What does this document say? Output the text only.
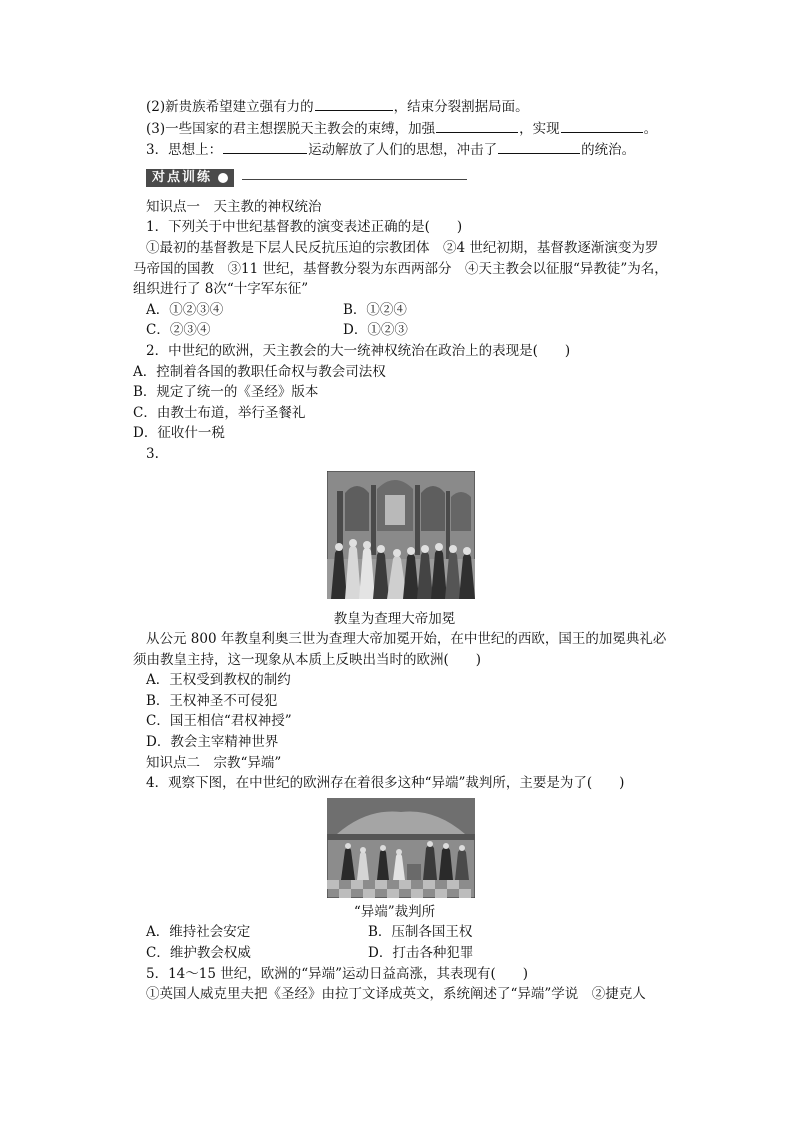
(2)新贵族希望建立强有力的	，结束分裂割据局面。
(3)一些国家的君主想摆脱天主教会的束缚，加强	，实现	。
3．思想上：	运动解放了人们的思想，冲击了	的统治。
对点训练
知识点一　天主教的神权统治
1．下列关于中世纪基督教的演变表述正确的是(　　)
①最初的基督教是下层人民反抗压迫的宗教团体　②4 世纪初期，基督教逐渐演变为罗
马帝国的国教　③11 世纪，基督教分裂为东西两部分　④天主教会以征服“异教徒”为名，
组织进行了 8次“十字军东征”
A．①②③④	B．①②④
C．②③④	D．①②③
2．中世纪的欧洲，天主教会的大一统神权统治在政治上的表现是(　　)
A．控制着各国的教职任命权与教会司法权
B．规定了统一的《圣经》版本
C．由教士布道，举行圣餐礼
D．征收什一税
3.
教皇为查理大帝加冕
从公元 800 年教皇利奥三世为查理大帝加冕开始，在中世纪的西欧，国王的加冕典礼必
须由教皇主持，这一现象从本质上反映出当时的欧洲(　　)
A．王权受到教权的制约
B．王权神圣不可侵犯
C．国王相信“君权神授”
D．教会主宰精神世界
知识点二　宗教“异端”
4．观察下图，在中世纪的欧洲存在着很多这种“异端”裁判所，主要是为了(　　)
“异端”裁判所
A．维持社会安定	B．压制各国王权
C．维护教会权威	D．打击各种犯罪
5．14～15 世纪，欧洲的“异端”运动日益高涨，其表现有(　　)
①英国人威克里夫把《圣经》由拉丁文译成英文，系统阐述了“异端”学说　②捷克人
